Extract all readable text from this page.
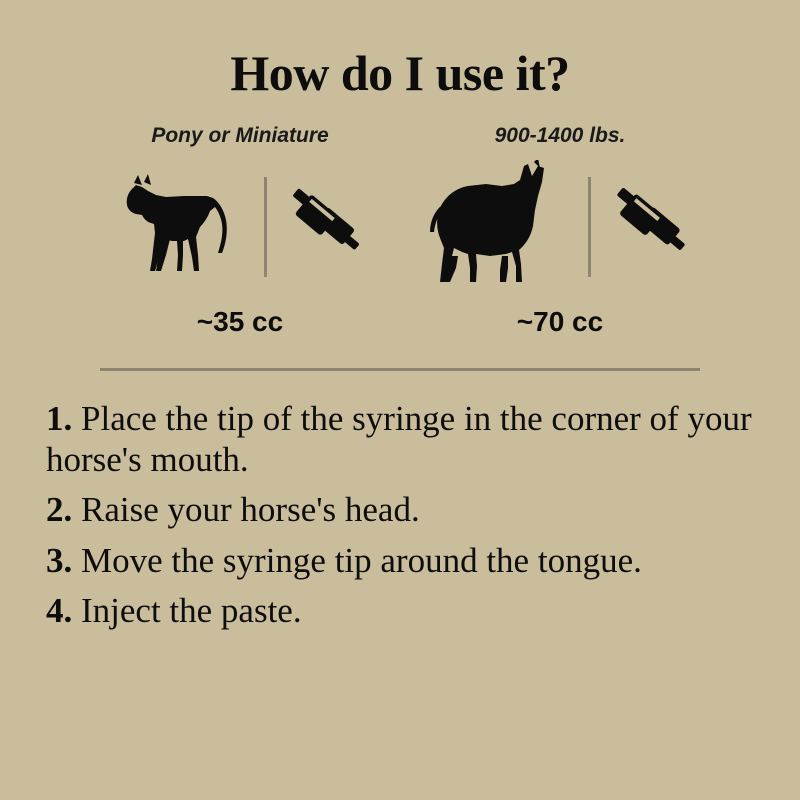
How do I use it?
Pony or Miniature
~35 cc
900-1400 lbs.
~70 cc
1. Place the tip of the syringe in the corner of your horse's mouth.
2. Raise your horse's head.
3. Move the syringe tip around the tongue.
4. Inject the paste.
